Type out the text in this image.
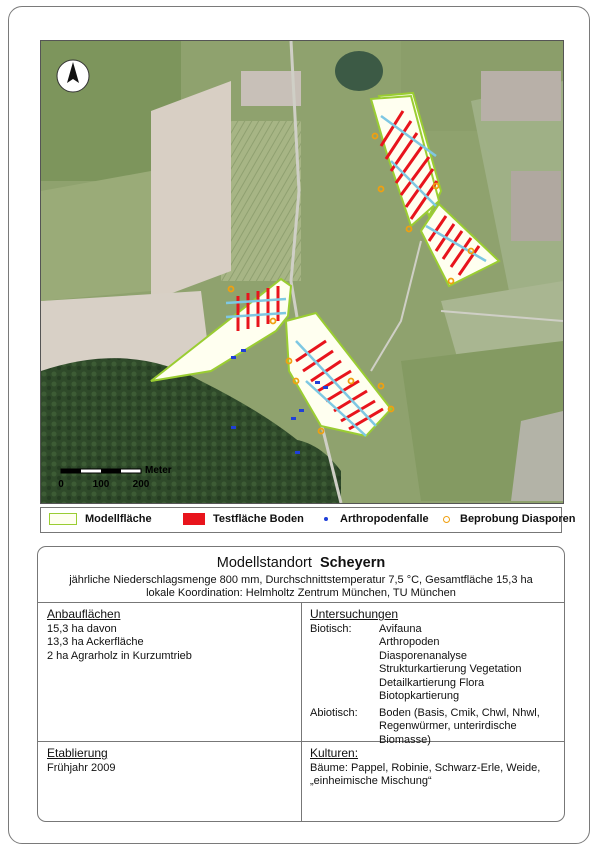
Meter
0	100 200
Modellfläche	Testfläche Boden	Arthropodenfalle	Beprobung Diasporen
Modellstandort Scheyern
jährliche Niederschlagsmenge 800 mm, Durchschnittstemperatur 7,5 °C, Gesamtfläche 15,3 ha
lokale Koordination: Helmholtz Zentrum München, TU München
Anbauflächen
15,3 ha davon
13,3 ha Ackerfläche
2 ha Agrarholz in Kurzumtrieb
Untersuchungen
Biotisch:	Avifauna
Arthropoden
Diasporenanalyse
Strukturkartierung Vegetation
Detailkartierung Flora
Biotopkartierung
Abiotisch:	Boden (Basis, Cmik, Chwl, Nhwl,
Regenwürmer, unterirdische
Biomasse)
Etablierung
Frühjahr 2009
Kulturen:
Bäume: Pappel, Robinie, Schwarz-Erle, Weide,
„einheimische Mischung“
